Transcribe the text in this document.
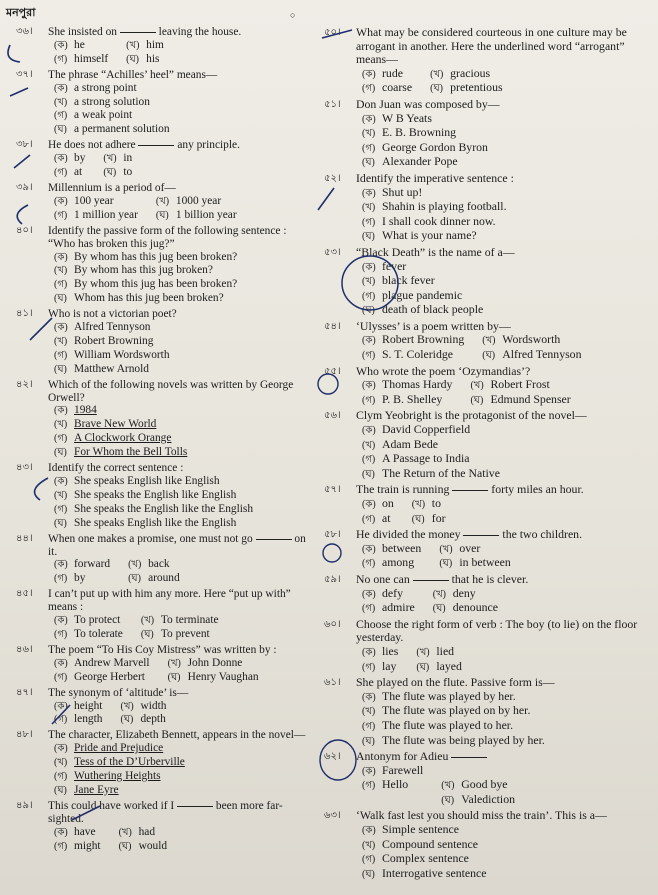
মনপুরা	○
৩৬। She insisted on	leaving the house.
(ক) he	(খ) him
(গ) himself (ঘ) his
৩৭। The phrase “Achilles’ heel” means—
(ক) a strong point
(খ) a strong solution
(গ) a weak point
(ঘ) a permanent solution
৩৮। He does not adhere	any principle.
(ক) by (খ) in
(গ) at	(ঘ) to
৩৯। Millennium is a period of—
(ক) 100 year	(খ) 1000 year
(গ) 1 million year (ঘ) 1 billion year
৪০। Identify the passive form of the following sentence : “Who has broken this jug?”
(ক) By whom has this jug been broken?
(খ) By whom has this jug broken?
(গ) By whom this jug has been broken?
(ঘ) Whom has this jug been broken?
৪১। Who is not a victorian poet?
(ক) Alfred Tennyson
(খ) Robert Browning
(গ) William Wordsworth
(ঘ) Matthew Arnold
৪২। Which of the following novels was written by George Orwell?
(ক) 1984
(খ) Brave New World
(গ) A Clockwork Orange
(ঘ) For Whom the Bell Tolls
৪৩। Identify the correct sentence :
(ক) She speaks English like English
(খ) She speaks the English like English
(গ) She speaks the English like the English
(ঘ) She speaks English like the English
৪৪। When one makes a promise, one must not go	on it.
(ক) forward (খ) back
(গ) by	(ঘ) around
৪৫। I can’t put up with him any more. Here “put up with” means :
(ক) To protect (খ) To terminate
(গ) To tolerate (ঘ) To prevent
৪৬। The poem “To His Coy Mistress” was written by :
(ক) Andrew Marvell (খ) John Donne
(গ) George Herbert	(ঘ) Henry Vaughan
৪৭। The synonym of ‘altitude’ is—
(ক) height (খ) width
(গ) length (ঘ) depth
৪৮। The character, Elizabeth Bennett, appears in the novel—
(ক) Pride and Prejudice
(খ) Tess of the D’Urberville
(গ) Wuthering Heights
(ঘ) Jane Eyre
৪৯। This could have worked if I	been more far-sighted.
(ক) have	(খ) had
(গ) might (ঘ) would
৫০। What may be considered courteous in one culture may be arrogant in another. Here the underlined word “arrogant” means—
(ক) rude	(খ) gracious
(গ) coarse (ঘ) pretentious
৫১। Don Juan was composed by—
(ক) W B Yeats
(খ) E. B. Browning
(গ) George Gordon Byron
(ঘ) Alexander Pope
৫২। Identify the imperative sentence :
(ক) Shut up!
(খ) Shahin is playing football.
(গ) I shall cook dinner now.
(ঘ) What is your name?
৫৩। “Black Death” is the name of a—
(ক) fever
(খ) black fever
(গ) plague pandemic
(ঘ) death of black people
৫৪। ‘Ulysses’ is a poem written by—
(ক) Robert Browning (খ) Wordsworth
(গ) S. T. Coleridge	(ঘ) Alfred Tennyson
৫৫। Who wrote the poem ‘Ozymandias’?
(ক) Thomas Hardy (খ) Robert Frost
(গ) P. B. Shelley	(ঘ) Edmund Spenser
৫৬। Clym Yeobright is the protagonist of the novel—
(ক) David Copperfield
(খ) Adam Bede
(গ) A Passage to India
(ঘ) The Return of the Native
৫৭। The train is running	forty miles an hour.
(ক) on (খ) to
(গ) at	(ঘ) for
৫৮। He divided the money	the two children.
(ক) between (খ) over
(গ) among	(ঘ) in between
৫৯। No one can	that he is clever.
(ক) defy	(খ) deny
(গ) admire (ঘ) denounce
৬০। Choose the right form of verb : The boy (to lie) on the floor yesterday.
(ক) lies (খ) lied
(গ) lay (ঘ) layed
৬১। She played on the flute. Passive form is—
(ক) The flute was played by her.
(খ) The flute was played on by her.
(গ) The flute was played to her.
(ঘ) The flute was being played by her.
৬২। Antonym for Adieu
(ক) Farewell
(গ) Hello	(খ) Good bye
(ঘ) Valediction
৬৩। ‘Walk fast lest you should miss the train’. This is a—
(ক) Simple sentence
(খ) Compound sentence
(গ) Complex sentence
(ঘ) Interrogative sentence
